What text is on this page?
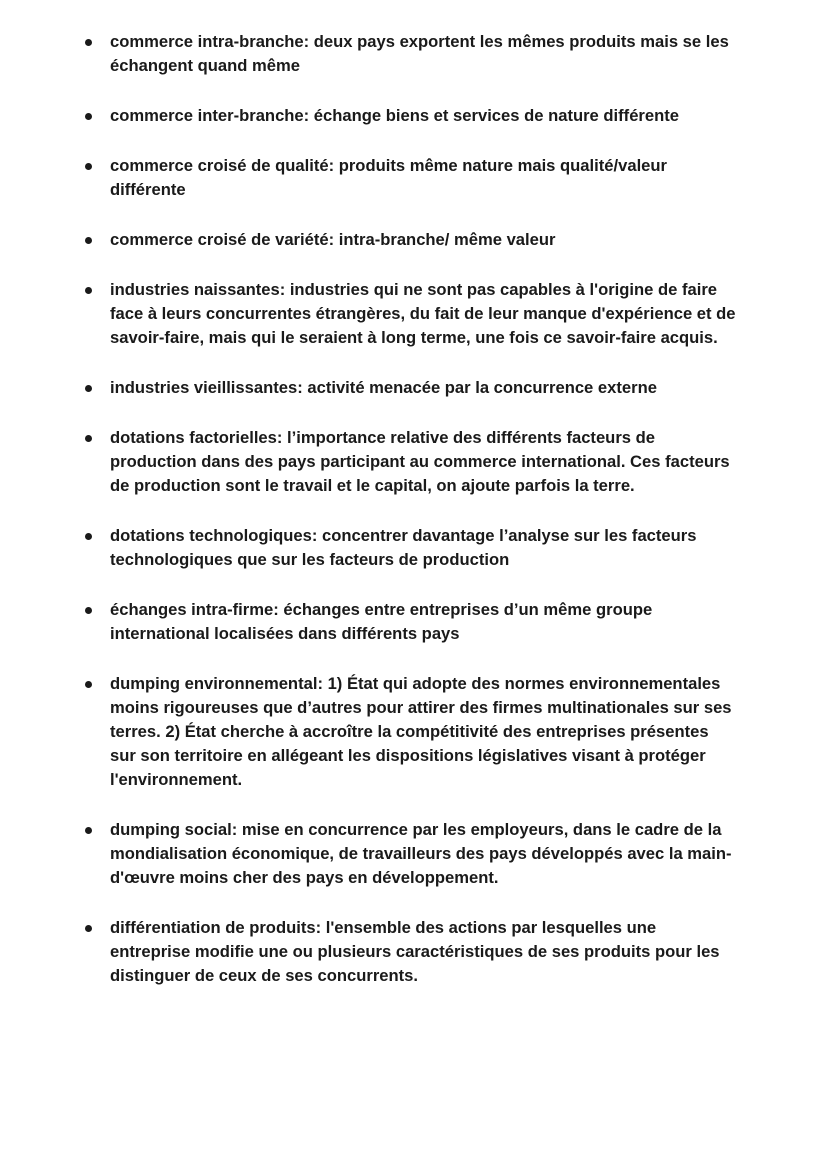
commerce intra-branche: deux pays exportent les mêmes produits mais se les échangent quand même
commerce inter-branche: échange biens et services de nature différente
commerce croisé de qualité: produits même nature mais qualité/valeur différente
commerce croisé de variété: intra-branche/ même valeur
industries naissantes: industries qui ne sont pas capables à l'origine de faire face à leurs concurrentes étrangères, du fait de leur manque d'expérience et de savoir-faire, mais qui le seraient à long terme, une fois ce savoir-faire acquis.
industries vieillissantes: activité menacée par la concurrence externe
dotations factorielles: l’importance relative des différents facteurs de production dans des pays participant au commerce international. Ces facteurs de production sont le travail et le capital, on ajoute parfois la terre.
dotations technologiques: concentrer davantage l’analyse sur les facteurs technologiques que sur les facteurs de production
échanges intra-firme: échanges entre entreprises d’un même groupe international localisées dans différents pays
dumping environnemental: 1) État qui adopte des normes environnementales moins rigoureuses que d’autres pour attirer des firmes multinationales sur ses terres. 2) État cherche à accroître la compétitivité des entreprises présentes sur son territoire en allégeant les dispositions législatives visant à protéger l'environnement.
dumping social: mise en concurrence par les employeurs, dans le cadre de la mondialisation économique, de travailleurs des pays développés avec la main-d'œuvre moins cher des pays en développement.
différentiation de produits: l'ensemble des actions par lesquelles une entreprise modifie une ou plusieurs caractéristiques de ses produits pour les distinguer de ceux de ses concurrents.
